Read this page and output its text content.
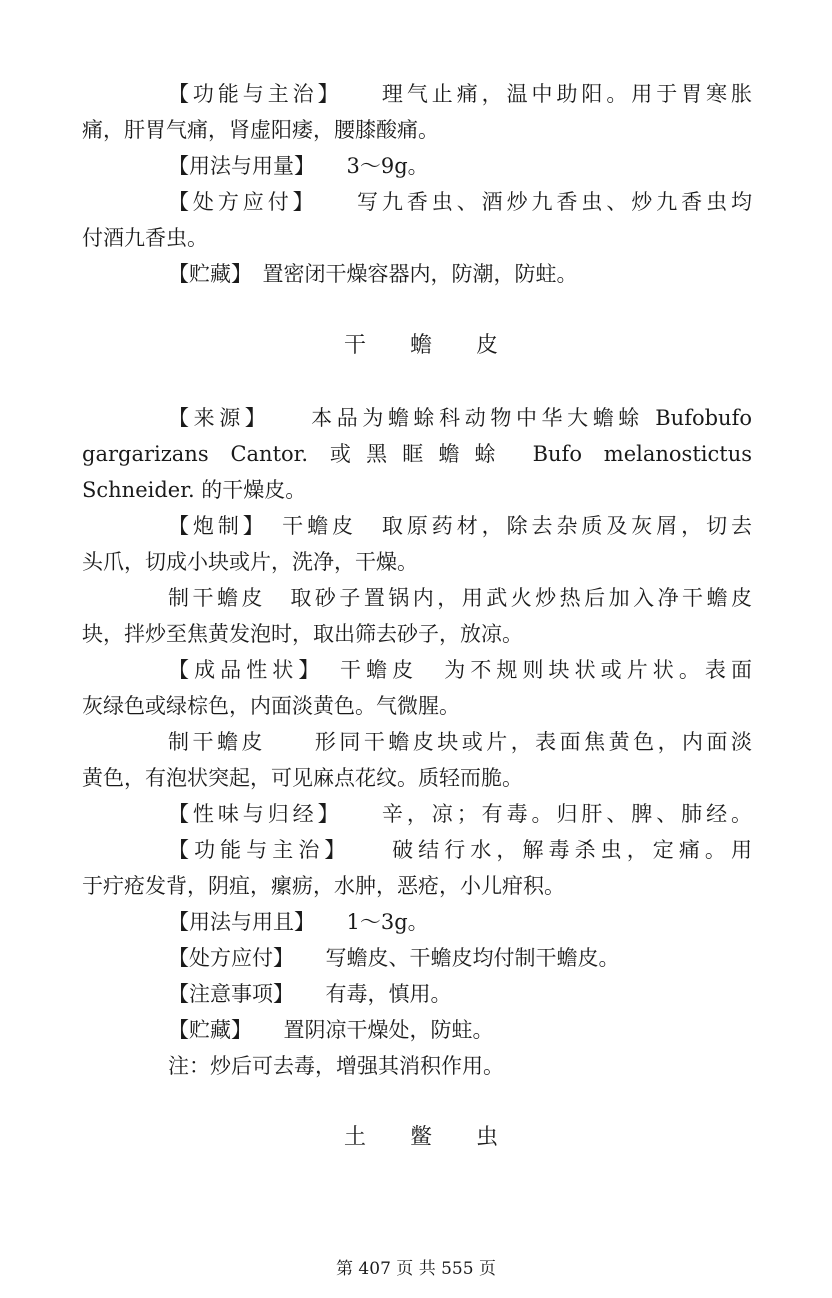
【功能与主治】　　理气止痛，温中助阳。用于胃寒胀
痛，肝胃气痛，肾虚阳痿，腰膝酸痛。
【用法与用量】　　3～9g。
【处方应付】　　写九香虫、酒炒九香虫、炒九香虫均
付酒九香虫。
【贮藏】　置密闭干燥容器内，防潮，防蛀。
干　　蟾　　皮
【来源】　　本品为蟾蜍科动物中华大蟾蜍 Bufobufo
gargarizans Cantor. 或黑眶蟾蜍 Bufo melanostictus
Schneider. 的干燥皮。
【炮制】　干蟾皮　取原药材，除去杂质及灰屑，切去
头爪，切成小块或片，洗净，干燥。
制干蟾皮　取砂子置锅内，用武火炒热后加入净干蟾皮
块，拌炒至焦黄发泡时，取出筛去砂子，放凉。
【成品性状】　干蟾皮　为不规则块状或片状。表面
灰绿色或绿棕色，内面淡黄色。气微腥。
制干蟾皮　　形同干蟾皮块或片，表面焦黄色，内面淡
黄色，有泡状突起，可见麻点花纹。质轻而脆。
【性味与归经】　　辛，凉；有毒。归肝、脾、肺经。
【功能与主治】　　破结行水，解毒杀虫，定痛。用
于疔疮发背，阴疽，瘰疬，水肿，恶疮，小儿疳积。
【用法与用且】　　1～3g。
【处方应付】　　写蟾皮、干蟾皮均付制干蟾皮。
【注意事项】　　有毒，慎用。
【贮藏】　　置阴凉干燥处，防蛀。
注：炒后可去毒，增强其消积作用。
土　　鳖　　虫
第 407 页 共 555 页
